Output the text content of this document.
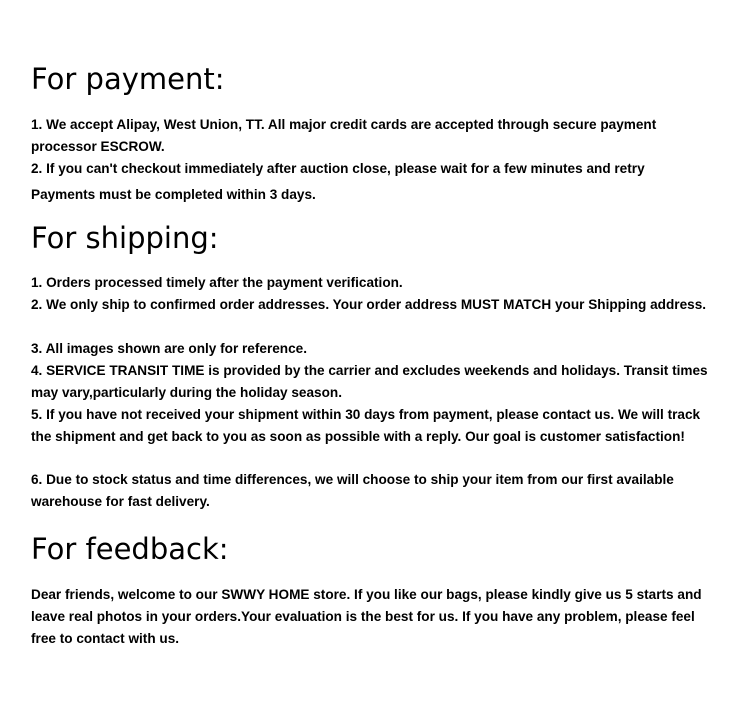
For payment:

1. We accept Alipay, West Union, TT. All major credit cards are accepted through secure payment processor ESCROW.

2. If you can't checkout immediately after auction close, please wait for a few minutes and retry

Payments must be completed within 3 days.

For shipping:

1. Orders processed timely after the payment verification.

2. We only ship to confirmed order addresses. Your order address MUST MATCH your Shipping address.

3. All images shown are only for reference.

4. SERVICE TRANSIT TIME is provided by the carrier and excludes weekends and holidays. Transit times may vary,particularly during the holiday season.

5. If you have not received your shipment within 30 days from payment, please contact us. We will track the shipment and get back to you as soon as possible with a reply. Our goal is customer satisfaction!

6. Due to stock status and time differences, we will choose to ship your item from our first available warehouse for fast delivery.

For feedback:

Dear friends, welcome to our SWWY HOME store. If you like our bags, please kindly give us 5 starts and leave real photos in your orders.Your evaluation is the best for us. If you have any problem, please feel free to contact with us.
